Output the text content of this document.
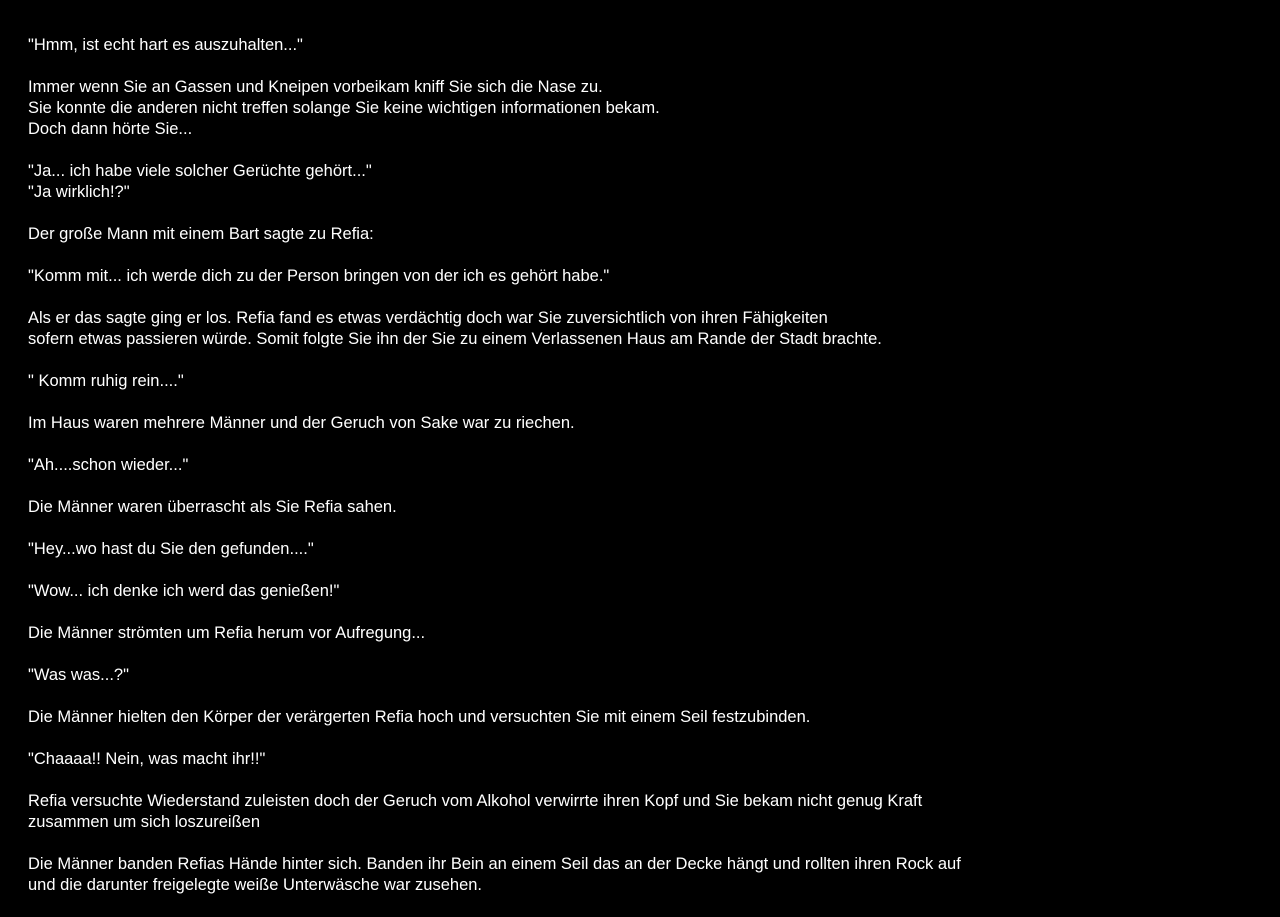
"Hmm, ist echt hart es auszuhalten..."
Immer wenn Sie an Gassen und Kneipen vorbeikam kniff Sie sich die Nase zu.
Sie konnte die anderen nicht treffen solange Sie keine wichtigen informationen bekam.
Doch dann hörte Sie...
"Ja... ich habe viele solcher Gerüchte gehört..."
"Ja wirklich!?"
Der große Mann mit einem Bart sagte zu Refia:
"Komm mit... ich werde dich zu der Person bringen von der ich es gehört habe."
Als er das sagte ging er los. Refia fand es etwas verdächtig doch war Sie zuversichtlich von ihren Fähigkeiten
sofern etwas passieren würde. Somit folgte Sie ihn der Sie zu einem Verlassenen Haus am Rande der Stadt brachte.
" Komm ruhig rein...."
Im Haus waren mehrere Männer und der Geruch von Sake war zu riechen.
"Ah....schon wieder..."
Die Männer waren überrascht als Sie Refia sahen.
"Hey...wo hast du Sie den gefunden...."
"Wow... ich denke ich werd das genießen!"
Die Männer strömten um Refia herum vor Aufregung...
"Was was...?"
Die Männer hielten den Körper der verärgerten Refia hoch und versuchten Sie mit einem Seil festzubinden.
"Chaaaa!! Nein, was macht ihr!!"
Refia versuchte Wiederstand zuleisten doch der Geruch vom Alkohol verwirrte ihren Kopf und Sie bekam nicht genug Kraft
zusammen um sich loszureißen
Die Männer banden Refias Hände hinter sich. Banden ihr Bein an einem Seil das an der Decke hängt und rollten ihren Rock auf
und die darunter freigelegte weiße Unterwäsche war zusehen.
